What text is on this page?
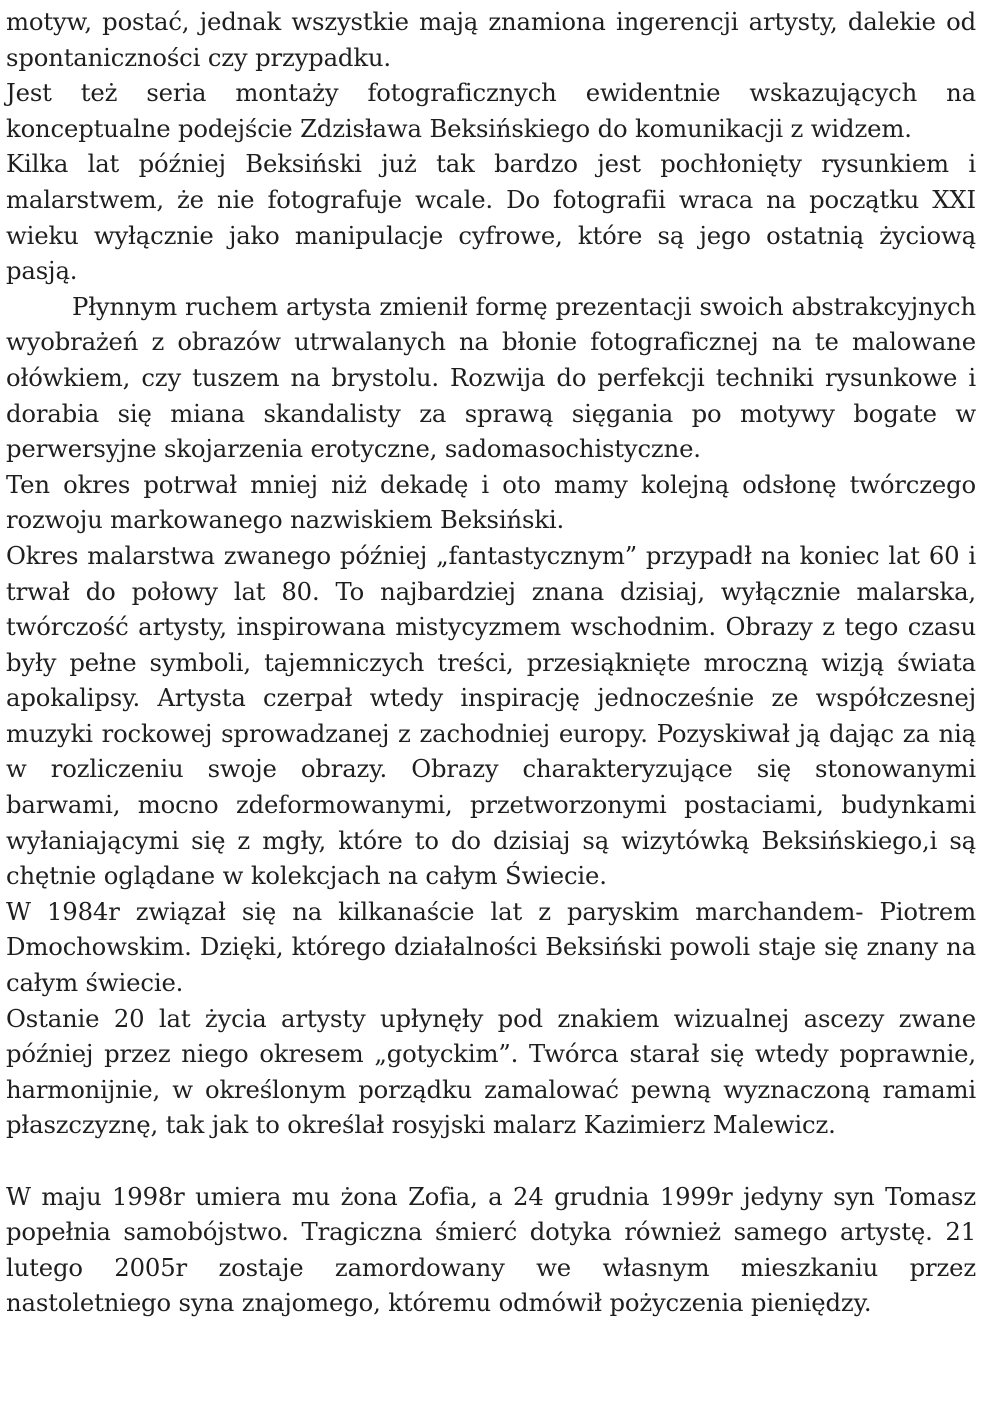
motyw, postać, jednak wszystkie mają znamiona ingerencji artysty, dalekie od spontaniczności czy przypadku.

Jest też seria montaży fotograficznych ewidentnie wskazujących na konceptualne podejście Zdzisława Beksińskiego do komunikacji z widzem.

Kilka lat później Beksiński już tak bardzo jest pochłonięty rysunkiem i malarstwem, że nie fotografuje wcale. Do fotografii wraca na początku XXI wieku wyłącznie jako manipulacje cyfrowe, które są jego ostatnią życiową pasją.

Płynnym ruchem artysta zmienił formę prezentacji swoich abstrakcyjnych wyobrażeń z obrazów utrwalanych na błonie fotograficznej na te malowane ołówkiem, czy tuszem na brystolu. Rozwija do perfekcji techniki rysunkowe i dorabia się miana skandalisty za sprawą sięgania po motywy bogate w perwersyjne skojarzenia erotyczne, sadomasochistyczne.

Ten okres potrwał mniej niż dekadę i oto mamy kolejną odsłonę twórczego rozwoju markowanego nazwiskiem Beksiński.

Okres malarstwa zwanego później „fantastycznym” przypadł na koniec lat 60 i trwał do połowy lat 80. To najbardziej znana dzisiaj, wyłącznie malarska, twórczość artysty, inspirowana mistycyzmem wschodnim. Obrazy z tego czasu były pełne symboli, tajemniczych treści, przesiąknięte mroczną wizją świata apokalipsy. Artysta czerpał wtedy inspirację jednocześnie ze współczesnej muzyki rockowej sprowadzanej z zachodniej europy. Pozyskiwał ją dając za nią w rozliczeniu swoje obrazy. Obrazy charakteryzujące się stonowanymi barwami, mocno zdeformowanymi, przetworzonymi postaciami, budynkami wyłaniającymi się z mgły, które to do dzisiaj są wizytówką Beksińskiego,i są chętnie oglądane w kolekcjach na całym Świecie.

W 1984r związał się na kilkanaście lat z paryskim marchandem- Piotrem Dmochowskim. Dzięki, którego działalności Beksiński powoli staje się znany na całym świecie.

Ostanie 20 lat życia artysty upłynęły pod znakiem wizualnej ascezy zwane później przez niego okresem „gotyckim”. Twórca starał się wtedy poprawnie, harmonijnie, w określonym porządku zamalować pewną wyznaczoną ramami płaszczyznę, tak jak to określał rosyjski malarz Kazimierz Malewicz.

W maju 1998r umiera mu żona Zofia, a 24 grudnia 1999r jedyny syn Tomasz popełnia samobójstwo. Tragiczna śmierć dotyka również samego artystę. 21 lutego 2005r zostaje zamordowany we własnym mieszkaniu przez nastoletniego syna znajomego, któremu odmówił pożyczenia pieniędzy.
